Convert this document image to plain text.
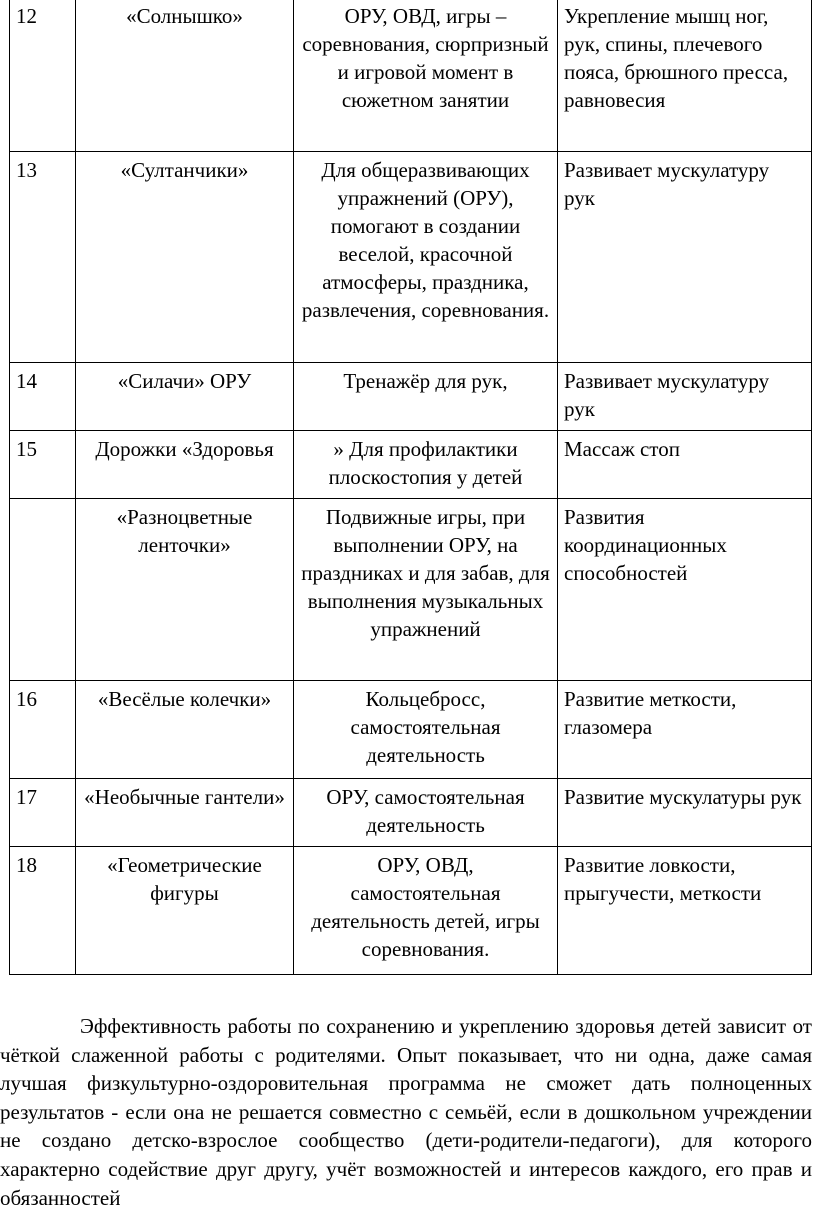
12	«Солнышко»	ОРУ, ОВД, игры – соревнования, сюрпризный и игровой момент в сюжетном занятии	Укрепление мышц ног, рук, спины, плечевого пояса, брюшного пресса, равновесия
13	«Султанчики»	Для общеразвивающих упражнений (ОРУ), помогают в создании веселой, красочной атмосферы, праздника, развлечения, соревнования.	Развивает мускулатуру рук
14	«Силачи» ОРУ	Тренажёр для рук,	Развивает мускулатуру рук
15	Дорожки «Здоровья	» Для профилактики плоскостопия у детей	Массаж стоп
	«Разноцветные ленточки»	Подвижные игры, при выполнении ОРУ, на праздниках и для забав, для выполнения музыкальных упражнений	Развития координационных способностей
16	«Весёлые колечки»	Кольцебросс, самостоятельная деятельность	Развитие меткости, глазомера
17	«Необычные гантели»	ОРУ, самостоятельная деятельность	Развитие мускулатуры рук
18	«Геометрические фигуры	ОРУ, ОВД, самостоятельная деятельность детей, игры соревнования.	Развитие ловкости, прыгучести, меткости

Эффективность работы по сохранению и укреплению здоровья детей зависит от чёткой слаженной работы с родителями. Опыт показывает, что ни одна, даже самая лучшая физкультурно-оздоровительная программа не сможет дать полноценных результатов - если она не решается совместно с семьёй, если в дошкольном учреждении не создано детско-взрослое сообщество (дети-родители-педагоги), для которого характерно содействие друг другу, учёт возможностей и интересов каждого, его прав и обязанностей
